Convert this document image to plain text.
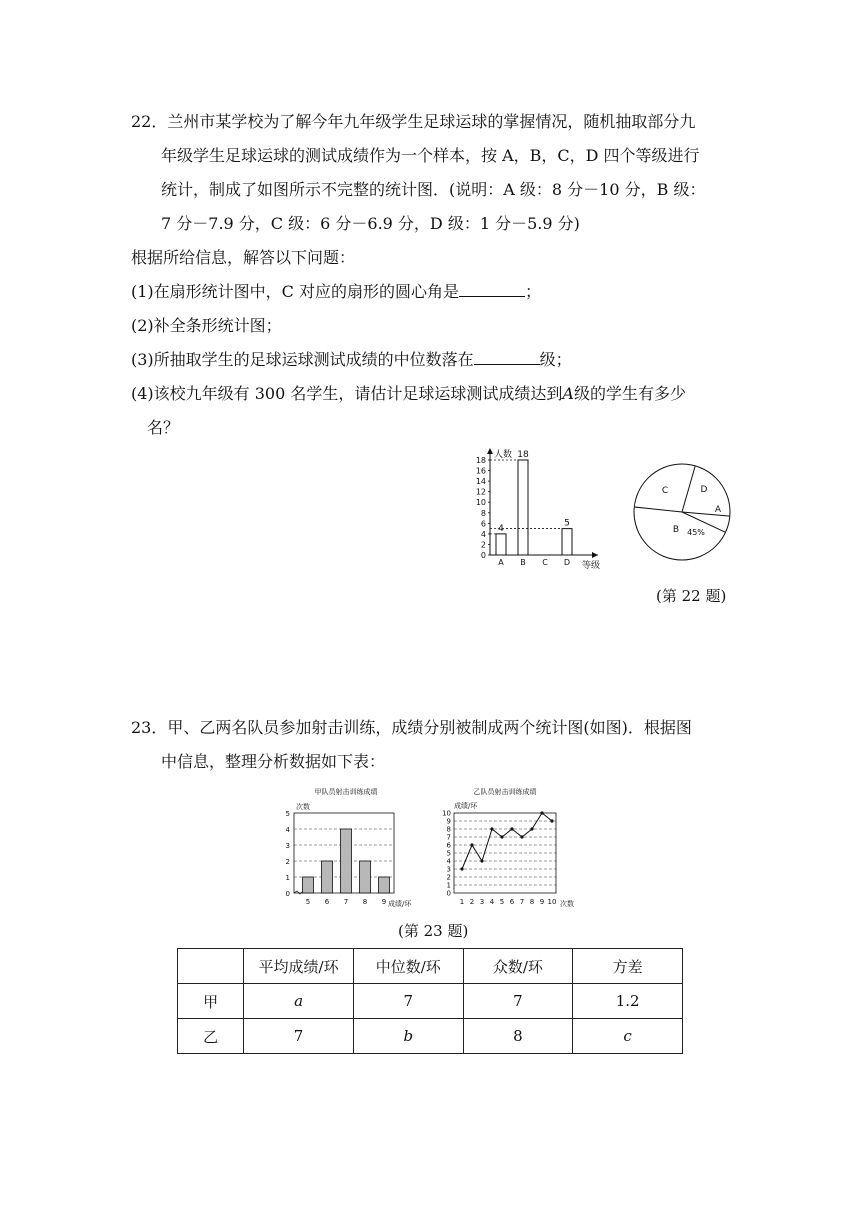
22．兰州市某学校为了解今年九年级学生足球运球的掌握情况，随机抽取部分九
年级学生足球运球的测试成绩作为一个样本，按 A，B，C，D 四个等级进行
统计，制成了如图所示不完整的统计图．(说明：A 级：8 分－10 分，B 级：
7 分－7.9 分，C 级：6 分－6.9 分，D 级：1 分－5.9 分)
根据所给信息，解答以下问题：
(1)在扇形统计图中，C 对应的扇形的圆心角是	；
(2)补全条形统计图；
(3)所抽取学生的足球运球测试成绩的中位数落在	级；
(4)该校九年级有 300 名学生，请估计足球运球测试成绩达到A级的学生有多少
名？
人数
等级
0
2
4
6
8
10
12
14
16
18
A
4
B
18
C D
5
C	D
A
B 45%
(第 22 题)
23．甲、乙两名队员参加射击训练，成绩分别被制成两个统计图(如图)．根据图
中信息，整理分析数据如下表：
甲队员射击训练成绩
次数
成绩/环
0
1
2
3
4
5
5 6 7 8 9
乙队员射击训练成绩
成绩/环
次数
0
1
2
3
4
5
6
7
8
9
10
1 2 3 4 5 6 7 8 9 10
(第 23 题)
	平均成绩/环	中位数/环	众数/环	方差
甲	a	7	7	1.2
乙	7	b	8	c
